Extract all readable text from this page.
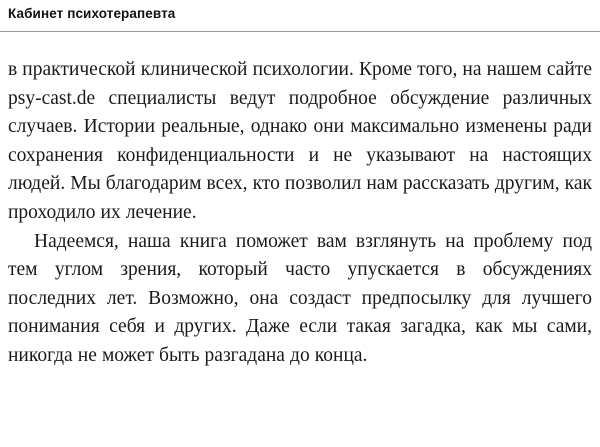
Кабинет психотерапевта

в практической клинической психологии. Кроме того, на нашем сайте psy-cast.de специалисты ведут подробное обсуждение различных случаев. Истории реальные, однако они максимально изменены ради сохранения конфиденциальности и не указывают на настоящих людей. Мы благодарим всех, кто позволил нам рассказать другим, как проходило их лечение.

Надеемся, наша книга поможет вам взглянуть на проблему под тем углом зрения, который часто упускается в обсуждениях последних лет. Возможно, она создаст предпосылку для лучшего понимания себя и других. Даже если такая загадка, как мы сами, никогда не может быть разгадана до конца.
